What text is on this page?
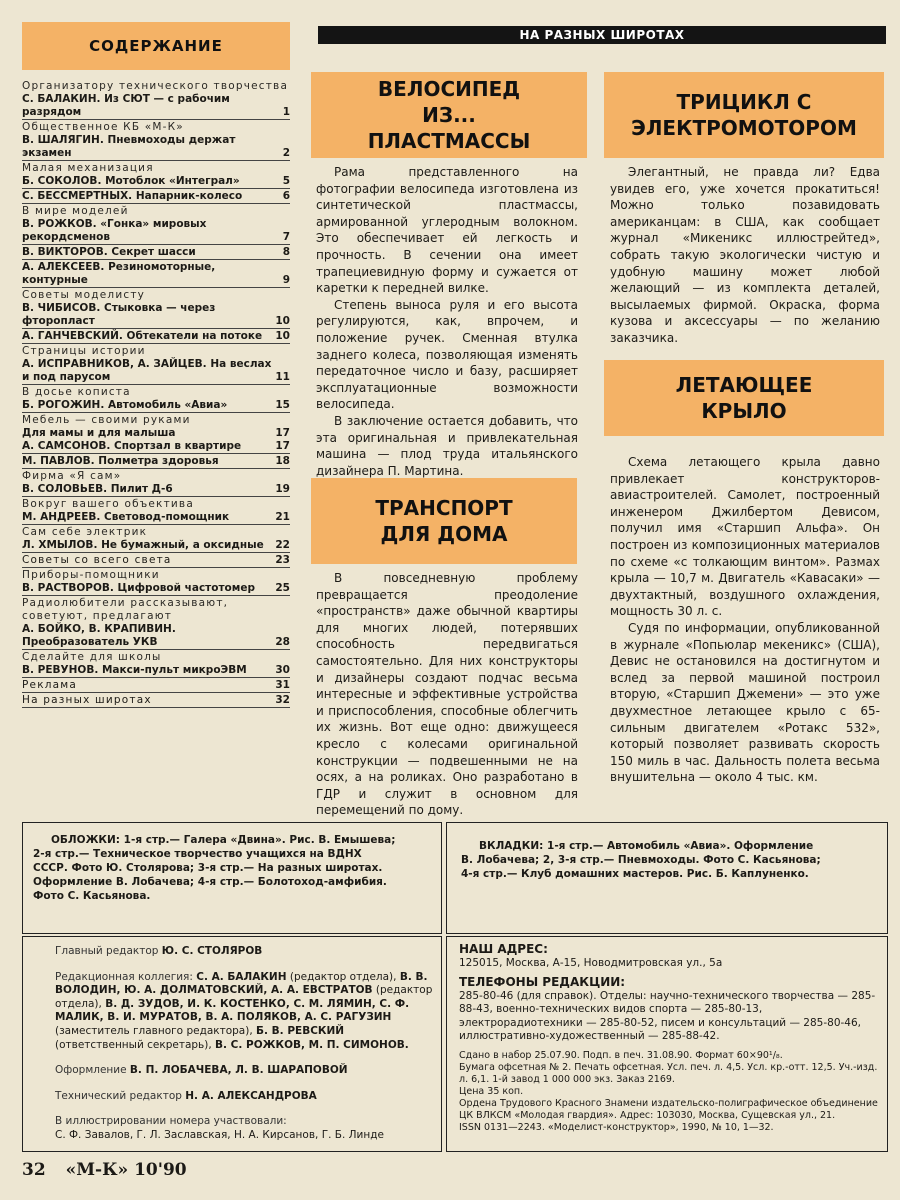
СОДЕРЖАНИЕ
Организатору технического творчества
С. БАЛАКИН. Из СЮТ — с рабочим разрядом	1
Общественное КБ «М-К»
В. ШАЛЯГИН. Пневмоходы держат экзамен	2
Малая механизация
Б. СОКОЛОВ. Мотоблок «Интеграл»	5
С. БЕССМЕРТНЫХ. Напарник-колесо	6
В мире моделей
В. РОЖКОВ. «Гонка» мировых рекордсменов	7
В. ВИКТОРОВ. Секрет шасси	8
А. АЛЕКСЕЕВ. Резиномоторные, контурные	9
Советы моделисту
В. ЧИБИСОВ. Стыковка — через фторопласт	10
А. ГАНЧЕВСКИЙ. Обтекатели на потоке	10
Страницы истории
А. ИСПРАВНИКОВ, А. ЗАЙЦЕВ. На веслах и под парусом	11
В досье кописта
Б. РОГОЖИН. Автомобиль «Авиа»	15
Мебель — своими руками
Для мамы и для малыша	17
А. САМСОНОВ. Спортзал в квартире	17
М. ПАВЛОВ. Полметра здоровья	18
Фирма «Я сам»
В. СОЛОВЬЕВ. Пилит Д-6	19
Вокруг вашего объектива
М. АНДРЕЕВ. Световод-помощник	21
Сам себе электрик
Л. ХМЫЛОВ. Не бумажный, а оксидные	22
Советы со всего света	23
Приборы-помощники
В. РАСТВОРОВ. Цифровой частотомер	25
Радиолюбители рассказывают, советуют, предлагают
А. БОЙКО, В. КРАПИВИН. Преобразователь УКВ	28
Сделайте для школы
В. РЕВУНОВ. Макси-пульт микроЭВМ	30
Реклама	31
На разных широтах	32
НА РАЗНЫХ ШИРОТАХ
ВЕЛОСИПЕД ИЗ... ПЛАСТМАССЫ

Рама представленного на фотографии велосипеда изготовлена из синтетической пластмассы, армированной углеродным волокном. Это обеспечивает ей легкость и прочность. В сечении она имеет трапециевидную форму и сужается от каретки к передней вилке.

Степень выноса руля и его высота регулируются, как, впрочем, и положение ручек. Сменная втулка заднего колеса, позволяющая изменять передаточное число и базу, расширяет эксплуатационные возможности велосипеда.

В заключение остается добавить, что эта оригинальная и привлекательная машина — плод труда итальянского дизайнера П. Мартина.

ТРАНСПОРТ ДЛЯ ДОМА

В повседневную проблему превращается преодоление «пространств» даже обычной квартиры для многих людей, потерявших способность передвигаться самостоятельно. Для них конструкторы и дизайнеры создают подчас весьма интересные и эффективные устройства и приспособления, способные облегчить их жизнь. Вот еще одно: движущееся кресло с колесами оригинальной конструкции — подвешенными не на осях, а на роликах. Оно разработано в ГДР и служит в основном для перемещений по дому.

ТРИЦИКЛ С ЭЛЕКТРОМОТОРОМ

Элегантный, не правда ли? Едва увидев его, уже хочется прокатиться! Можно только позавидовать американцам: в США, как сообщает журнал «Микеникс иллюстрейтед», собрать такую экологически чистую и удобную машину может любой желающий — из комплекта деталей, высылаемых фирмой. Окраска, форма кузова и аксессуары — по желанию заказчика.

ЛЕТАЮЩЕЕ КРЫЛО

Схема летающего крыла давно привлекает конструкторов-авиастроителей. Самолет, построенный инженером Джилбертом Девисом, получил имя «Старшип Альфа». Он построен из композиционных материалов по схеме «с толкающим винтом». Размах крыла — 10,7 м. Двигатель «Кавасаки» — двухтактный, воздушного охлаждения, мощность 30 л. с.

Судя по информации, опубликованной в журнале «Попьюлар мекеникс» (США), Девис не остановился на достигнутом и вслед за первой машиной построил вторую, «Старшип Джемени» — это уже двухместное летающее крыло с 65-сильным двигателем «Ротакс 532», который позволяет развивать скорость 150 миль в час. Дальность полета весьма внушительна — около 4 тыс. км.

ОБЛОЖКИ: 1-я стр.— Галера «Двина». Рис. В. Емышева;
2-я стр.— Техническое творчество учащихся на ВДНХ
СССР. Фото Ю. Столярова; 3-я стр.— На разных широтах.
Оформление В. Лобачева; 4-я стр.— Болотоход-амфибия.
Фото С. Касьянова.
ВКЛАДКИ: 1-я стр.— Автомобиль «Авиа». Оформление
В. Лобачева; 2, 3-я стр.— Пневмоходы. Фото С. Касьянова;
4-я стр.— Клуб домашних мастеров. Рис. Б. Каплуненко.
Главный редактор Ю. С. СТОЛЯРОВ
Редакционная коллегия: С. А. БАЛАКИН (редактор отдела), В. В. ВОЛОДИН, Ю. А. ДОЛМАТОВСКИЙ, А. А. ЕВСТРАТОВ (редактор отдела), В. Д. ЗУДОВ, И. К. КОСТЕНКО, С. М. ЛЯМИН, С. Ф. МАЛИК, В. И. МУРАТОВ, В. А. ПОЛЯКОВ, А. С. РАГУЗИН (заместитель главного редактора), Б. В. РЕВСКИЙ (ответственный секретарь), В. С. РОЖКОВ, М. П. СИМОНОВ.
Оформление В. П. ЛОБАЧЕВА, Л. В. ШАРАПОВОЙ
Технический редактор Н. А. АЛЕКСАНДРОВА
В иллюстрировании номера участвовали:
С. Ф. Завалов, Г. Л. Заславская, Н. А. Кирсанов, Г. Б. Линде
НАШ АДРЕС:
125015, Москва, А-15, Новодмитровская ул., 5а
ТЕЛЕФОНЫ РЕДАКЦИИ:
285-80-46 (для справок). Отделы: научно-технического творчества — 285-88-43, военно-технических видов спорта — 285-80-13, электрорадиотехники — 285-80-52, писем и консультаций — 285-80-46, иллюстративно-художественный — 285-88-42.
Сдано в набор 25.07.90. Подп. в печ. 31.08.90. Формат 60×90¹/₈.
Бумага офсетная № 2. Печать офсетная. Усл. печ. л. 4,5. Усл. кр.-отт. 12,5. Уч.-изд. л. 6,1. 1-й завод 1 000 000 экз. Заказ 2169.
Цена 35 коп.
Ордена Трудового Красного Знамени издательско-полиграфическое объединение ЦК ВЛКСМ «Молодая гвардия». Адрес: 103030, Москва, Сущевская ул., 21.
ISSN 0131—2243. «Моделист-конструктор», 1990, № 10, 1—32.
32 «М-К» 10'90
